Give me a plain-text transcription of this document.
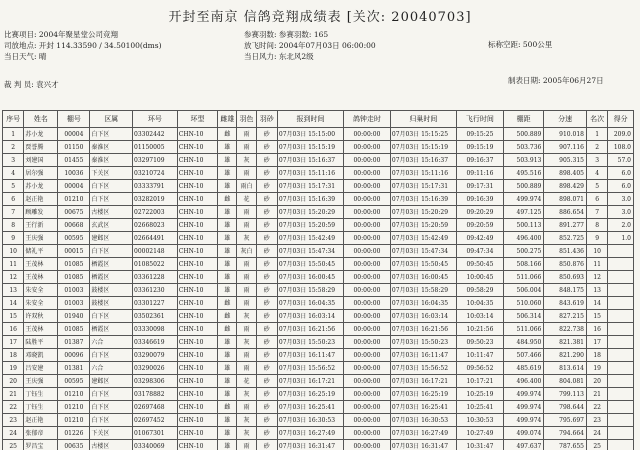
开封至南京 信鸽竞翔成绩表 [关次: 20040703]
比赛项目: 2004年聚星堂公司竞翔
司放地点: 开封 114.33590 / 34.50100(dms)
当日天气: 晴
参赛羽数: 参赛羽数: 165
放飞时间: 2004年07月03日 06:00:00
当日风力: 东北风2级
标称空距: 500公里
裁 判 员: 袁兴才	制表日期: 2005年06月27日
序号	姓名	棚号	区属	环号	环型	雌雄	羽色	羽砂	报到时间	鸽钟走时	归巢时间	飞行时间	棚距	分速	名次	得分
1	苏小龙	00004	白下区	03302442	CHN-10	雌	雨	砂	07月03日 15:15:00	00:00:00	07月03日 15:15:25	09:15:25	500.889	910.018	1	209.0
2	贾誉腾	01150	秦淮区	01150005	CHN-10	雄	雨	砂	07月03日 15:15:19	00:00:00	07月03日 15:15:19	09:15:19	503.736	907.116	2	108.0
3	刘建国	01455	秦淮区	03297109	CHN-10	雄	灰	砂	07月03日 15:16:37	00:00:00	07月03日 15:16:37	09:16:37	503.913	905.315	3	57.0
4	居尔强	10036	下关区	03210724	CHN-10	雄	雨	砂	07月03日 15:11:16	00:00:00	07月03日 15:11:16	09:11:16	495.516	898.405	4	6.0
5	苏小龙	00004	白下区	03333791	CHN-10	雄	雨白	砂	07月03日 15:17:31	00:00:00	07月03日 15:17:31	09:17:31	500.889	898.429	5	6.0
6	赵正艳	01210	白下区	03282019	CHN-10	雌	花	砂	07月03日 15:16:39	00:00:00	07月03日 15:16:39	09:16:39	499.974	898.071	6	3.0
7	顾雕发	00675	古楼区	02722003	CHN-10	雄	雨	砂	07月03日 15:20:29	00:00:00	07月03日 15:20:29	09:20:29	497.125	886.654	7	3.0
8	王行新	00668	玄武区	02668023	CHN-10	雄	雨	砂	07月03日 15:20:59	00:00:00	07月03日 15:20:59	09:20:59	500.113	891.277	8	2.0
9	王庆强	00595	建邺区	02664491	CHN-10	雄	灰	砂	07月03日 15:42:49	00:00:00	07月03日 15:42:49	09:42:49	496.400	852.725	9	1.0
10	储礼平	00015	白下区	00002148	CHN-10	雄	灰白	砂	07月03日 15:47:34	00:00:00	07月03日 15:47:34	09:47:34	500.275	851.436	10	
11	王茂林	01085	栖霞区	01085022	CHN-10	雄	雨	砂	07月03日 15:50:45	00:00:00	07月03日 15:50:45	09:50:45	508.166	850.876	11	
12	王茂林	01085	栖霞区	03361228	CHN-10	雄	雨	砂	07月03日 16:00:45	00:00:00	07月03日 16:00:45	10:00:45	511.066	850.693	12	
13	朱安全	01003	鼓楼区	03361230	CHN-10	雄	雨	砂	07月03日 15:58:29	00:00:00	07月03日 15:58:29	09:58:29	506.004	848.175	13	
14	朱安全	01003	鼓楼区	03301227	CHN-10	雌	雨	砂	07月03日 16:04:35	00:00:00	07月03日 16:04:35	10:04:35	510.060	843.619	14	
15	许双秋	01940	白下区	03502361	CHN-10	雌	灰	砂	07月03日 16:03:14	00:00:00	07月03日 16:03:14	10:03:14	506.314	827.215	15	
16	王茂林	01085	栖霞区	03330098	CHN-10	雌	雨	砂	07月03日 16:21:56	00:00:00	07月03日 16:21:56	10:21:56	511.066	822.738	16	
17	陆胜平	01387	六合	03346619	CHN-10	雄	灰	砂	07月03日 15:50:23	00:00:00	07月03日 15:50:23	09:50:23	484.950	821.381	17	
18	邓晓凯	00096	白下区	03290079	CHN-10	雄	雨	砂	07月03日 16:11:47	00:00:00	07月03日 16:11:47	10:11:47	507.466	821.290	18	
19	吕安建	01381	六合	03290026	CHN-10	雄	雨	砂	07月03日 15:56:52	00:00:00	07月03日 15:56:52	09:56:52	485.619	813.614	19	
20	王庆强	00595	建邺区	03298306	CHN-10	雄	花	砂	07月03日 16:17:21	00:00:00	07月03日 16:17:21	10:17:21	496.400	804.081	20	
21	丁钰生	01210	白下区	03178882	CHN-10	雄	灰	砂	07月03日 16:25:19	00:00:00	07月03日 16:25:19	10:25:19	499.974	799.113	21	
22	丁钰生	01210	白下区	02697468	CHN-10	雌	雨	砂	07月03日 16:25:41	00:00:00	07月03日 16:25:41	10:25:41	499.974	798.644	22	
23	赵正艳	01210	白下区	02697452	CHN-10	雄	灰	砂	07月03日 16:30:53	00:00:00	07月03日 16:30:53	10:30:53	499.974	795.697	23	
24	张郁帝	01226	下关区	01067301	CHN-10	雄	灰	砂	07月03日 16:27:49	00:00:00	07月03日 16:27:49	10:27:49	499.074	794.664	24	
25	罗昌宝	00635	古楼区	03340069	CHN-10	雄	雨	砂	07月03日 16:31:47	00:00:00	07月03日 16:31:47	10:31:47	497.637	787.655	25	
